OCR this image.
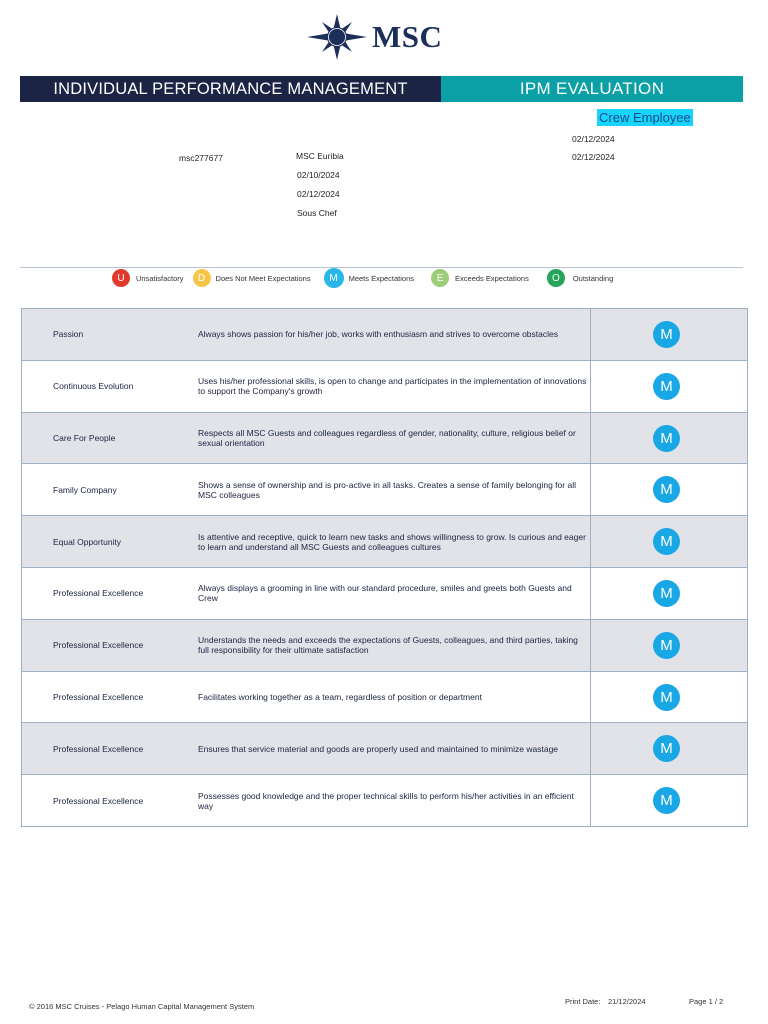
MSC
INDIVIDUAL PERFORMANCE MANAGEMENT	IPM EVALUATION
Crew Employee
msc277677	MSC Euribia
02/10/2024
02/12/2024
Sous Chef
02/12/2024
02/12/2024
U	Unsatisfactory	D	Does Not Meet Expectations	M	Meets Expectations	E	Exceeds Expectations	O	Outstanding
Passion	Always shows passion for his/her job, works with enthusiasm and strives to overcome obstacles	M
Continuous Evolution	Uses his/her professional skills, is open to change and participates in the implementation of innovations to support the Company's growth	M
Care For People	Respects all MSC Guests and colleagues regardless of gender, nationality, culture, religious belief or sexual orientation	M
Family Company	Shows a sense of ownership and is pro-active in all tasks. Creates a sense of family belonging for all MSC colleagues	M
Equal Opportunity	Is attentive and receptive, quick to learn new tasks and shows willingness to grow. Is curious and eager to learn and understand all MSC Guests and colleagues cultures	M
Professional Excellence	Always displays a grooming in line with our standard procedure, smiles and greets both Guests and Crew	M
Professional Excellence	Understands the needs and exceeds the expectations of Guests, colleagues, and third parties, taking full responsibility for their ultimate satisfaction	M
Professional Excellence	Facilitates working together as a team, regardless of position or department	M
Professional Excellence	Ensures that service material and goods are properly used and maintained to minimize wastage	M
Professional Excellence	Possesses good knowledge and the proper technical skills to perform his/her activities in an efficient way	M
© 2016 MSC Cruises - Pelago Human Capital Management System
Print Date: 21/12/2024	Page 1 / 2
